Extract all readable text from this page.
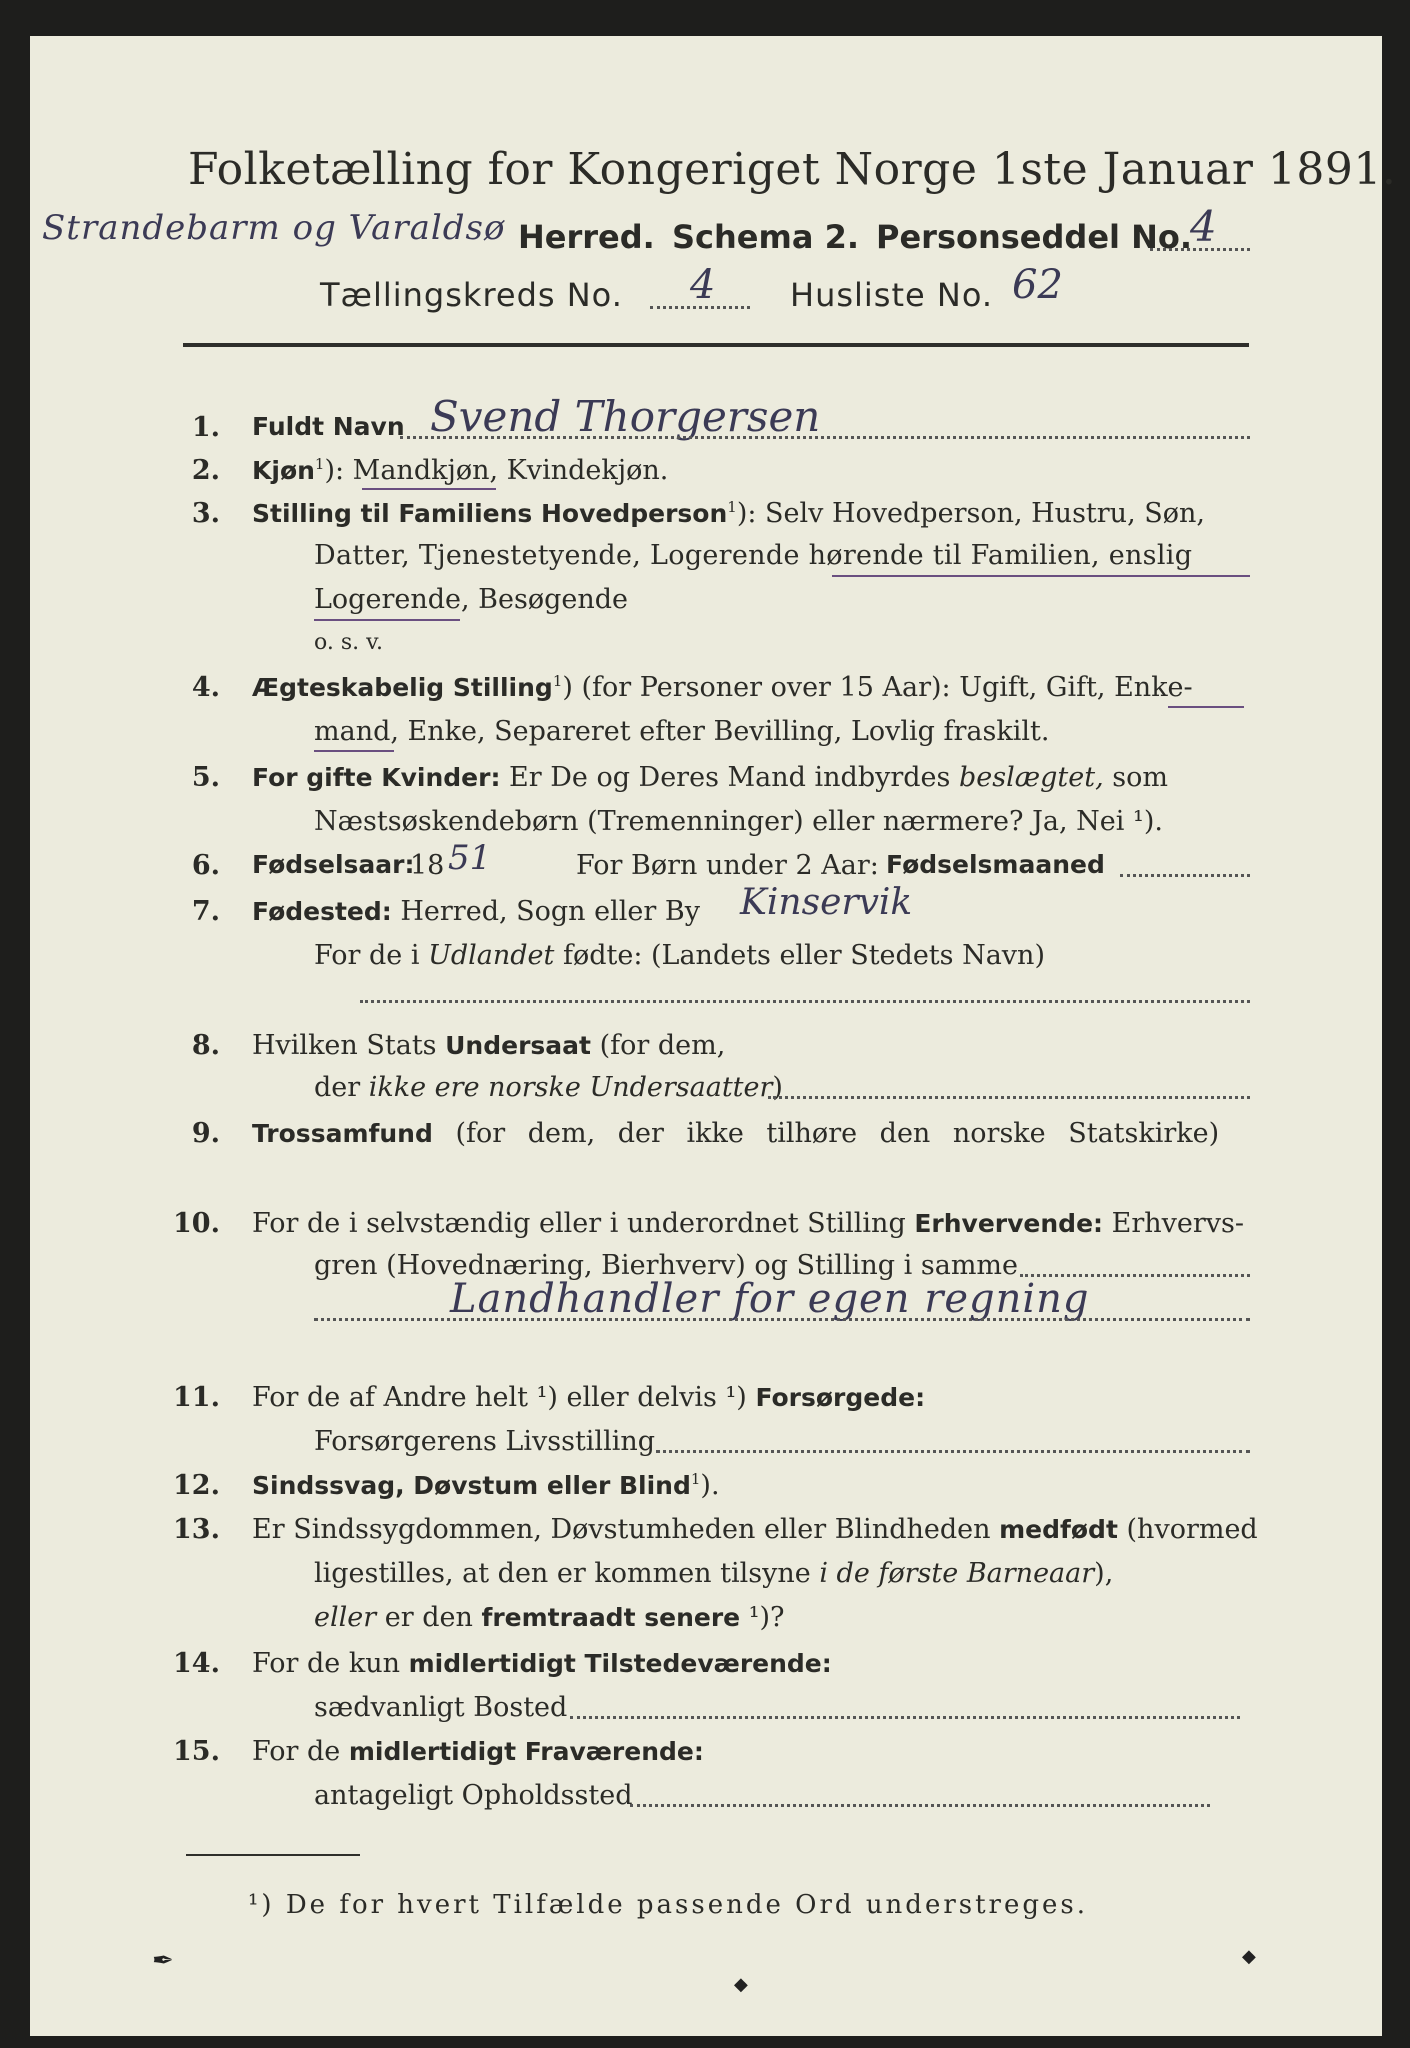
Folketælling for Kongeriget Norge 1ste Januar 1891.
Strandebarm og Varaldsø Herred. Schema 2. Personseddel No.
4
Tællingskreds No. 4 Husliste No. 62
1. Fuldt Navn Svend Thorgersen
2. Kjøn$^1$): Mandkjøn, Kvindekjøn.
3. Stilling til Familiens Hovedperson$^1$): Selv Hovedperson, Hustru, Søn,
Datter, Tjenestetyende, Logerende hørende til Familien, enslig
Logerende, Besøgende
o. s. v.
4. Ægteskabelig Stilling$^1$) (for Personer over 15 Aar): Ugift, Gift, Enke-
mand, Enke, Separeret efter Bevilling, Lovlig fraskilt.
5. For gifte Kvinder: Er De og Deres Mand indbyrdes beslægtet, som
Næstsøskendebørn (Tremenninger) eller nærmere? Ja, Nei ¹).
6. Fødselsaar:
18 51	For Børn under 2 Aar: Fødselsmaaned
7. Fødested: Herred, Sogn eller By Kinservik
For de i Udlandet fødte: (Landets eller Stedets Navn)
8. Hvilken Stats Undersaat (for dem,
der ikke ere norske Undersaatter)
9. Trossamfund (for dem, der ikke tilhøre den norske Statskirke)
10. For de i selvstændig eller i underordnet Stilling Erhvervende: Erhvervs-
gren (Hovednæring, Bierhverv) og Stilling i samme
Landhandler for egen regning
11. For de af Andre helt ¹) eller delvis ¹) Forsørgede:
Forsørgerens Livsstilling
12. Sindssvag, Døvstum eller Blind$^1$).
13. Er Sindssygdommen, Døvstumheden eller Blindheden medfødt (hvormed
ligestilles, at den er kommen tilsyne i de første Barneaar),
eller er den fremtraadt senere ¹)?
14. For de kun midlertidigt Tilstedeværende:
sædvanligt Bosted
15. For de midlertidigt Fraværende:
antageligt Opholdssted
¹) De for hvert Tilfælde passende Ord understreges.
✒
◆
◆
